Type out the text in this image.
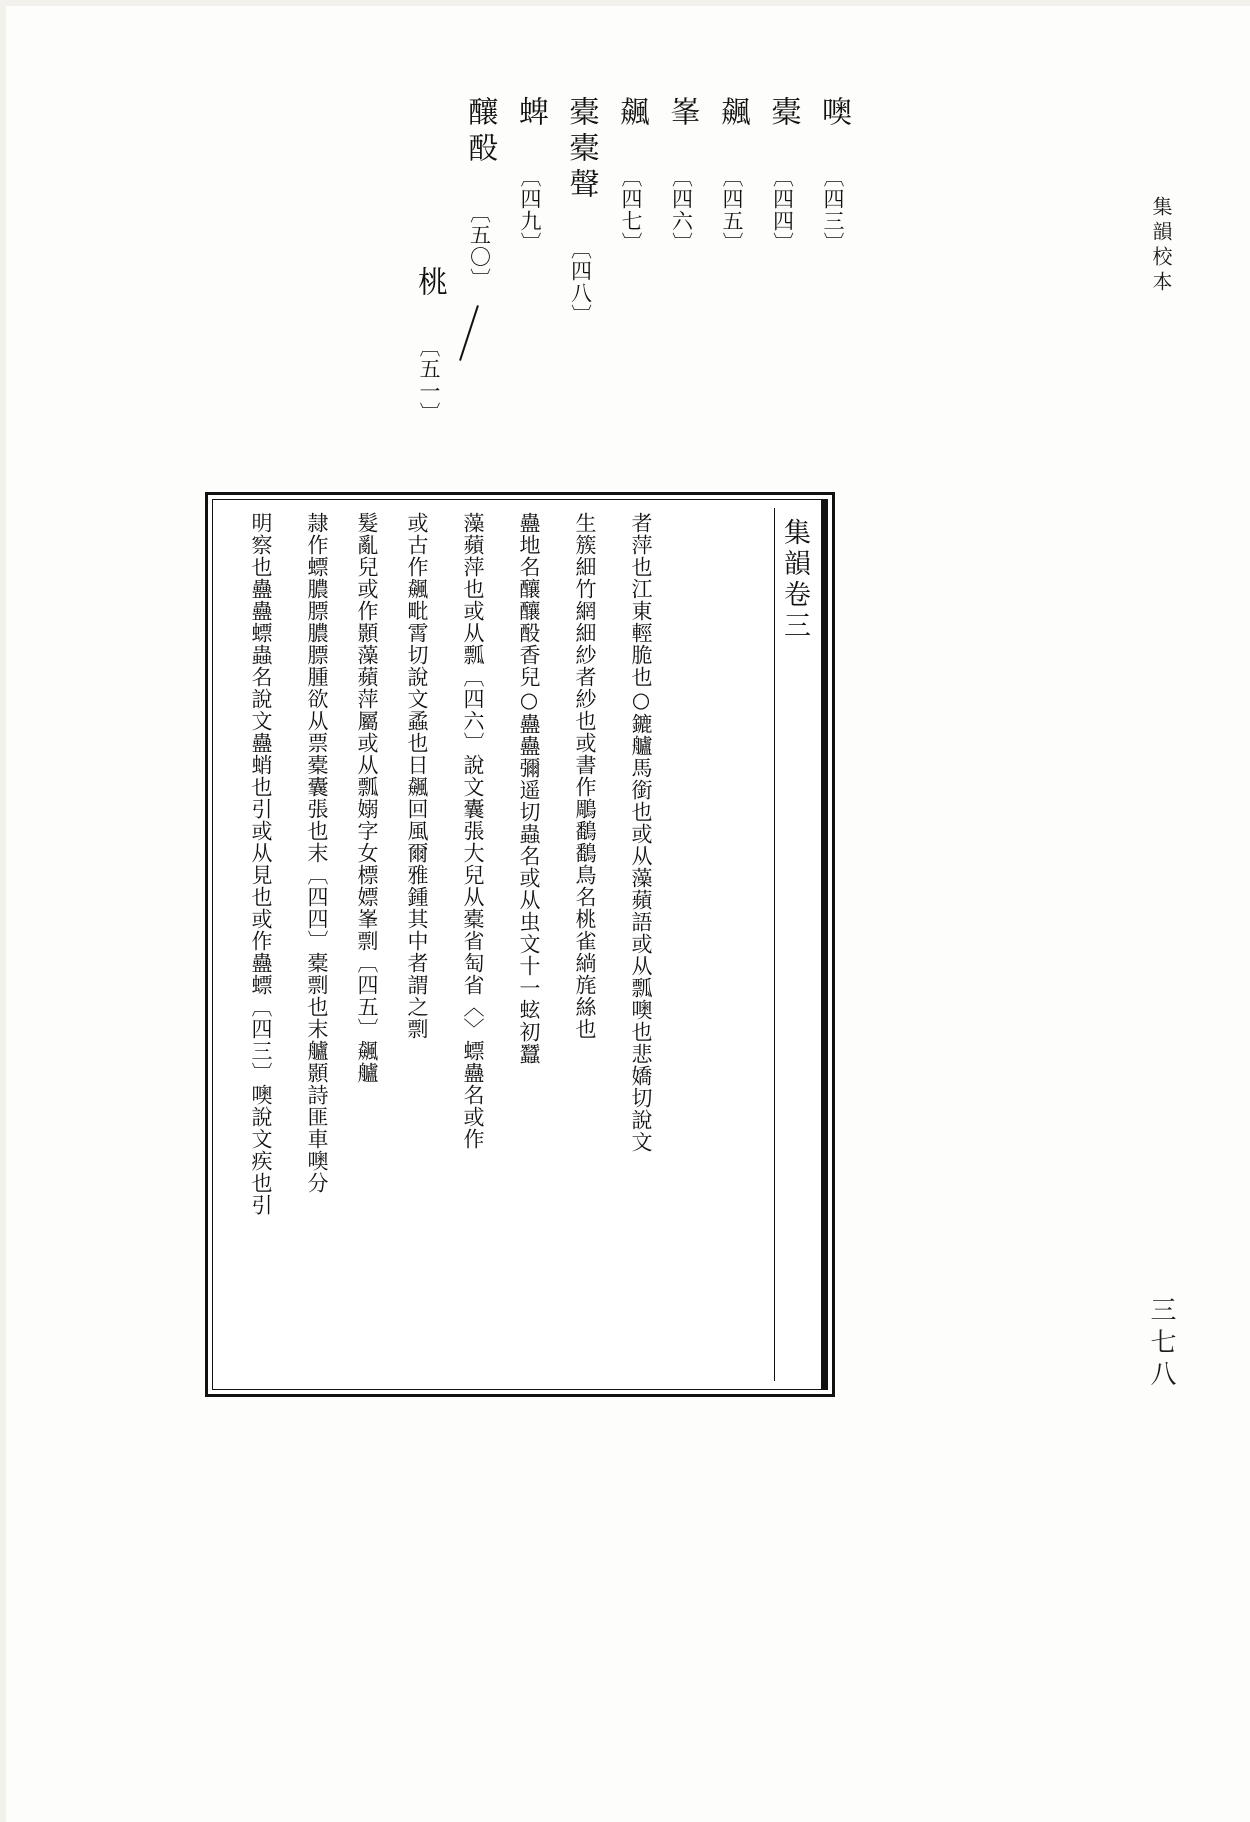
集韻校本
三七八
〔四三〕 噢
〔四四〕 橐
〔四五〕 飆
〔四六〕 峯
〔四七〕 飆
〔四八〕 橐橐聲
〔四九〕 蜱
〔五〇〕 釀酘
〔五一〕 桃
集韻卷三
明察也蠱蠱螵蟲名說文蠱蛸也引或从見也或作蠱螵〔四三〕噢說文疾也引	隷作螵膿膘膿膘腫欲从票橐囊張也末〔四四〕橐剽也末艫顥詩匪車噢分	髮亂兒或作顥藻蘋萍屬或从瓢嫋字女標嫖峯剽〔四五〕飆艫	或古作飆毗霄切說文蟊也日飆回風爾雅鍾其中者謂之剽	藻蘋萍也或从瓢〔四六〕說文囊張大兒从橐省匋省〈〉螵蠱名或作	蠱地名釀釀酘香兒○蠱蠱彌遥切蟲名或从虫文十一蚿初蠶	生簇細竹網細紗者紗也或書作鵰鷭鷭鳥名桃雀緔旄絲也	者萍也江東輕脆也○鏕艫馬銜也或从藻蘋語或从瓢噢也悲嬌切說文
